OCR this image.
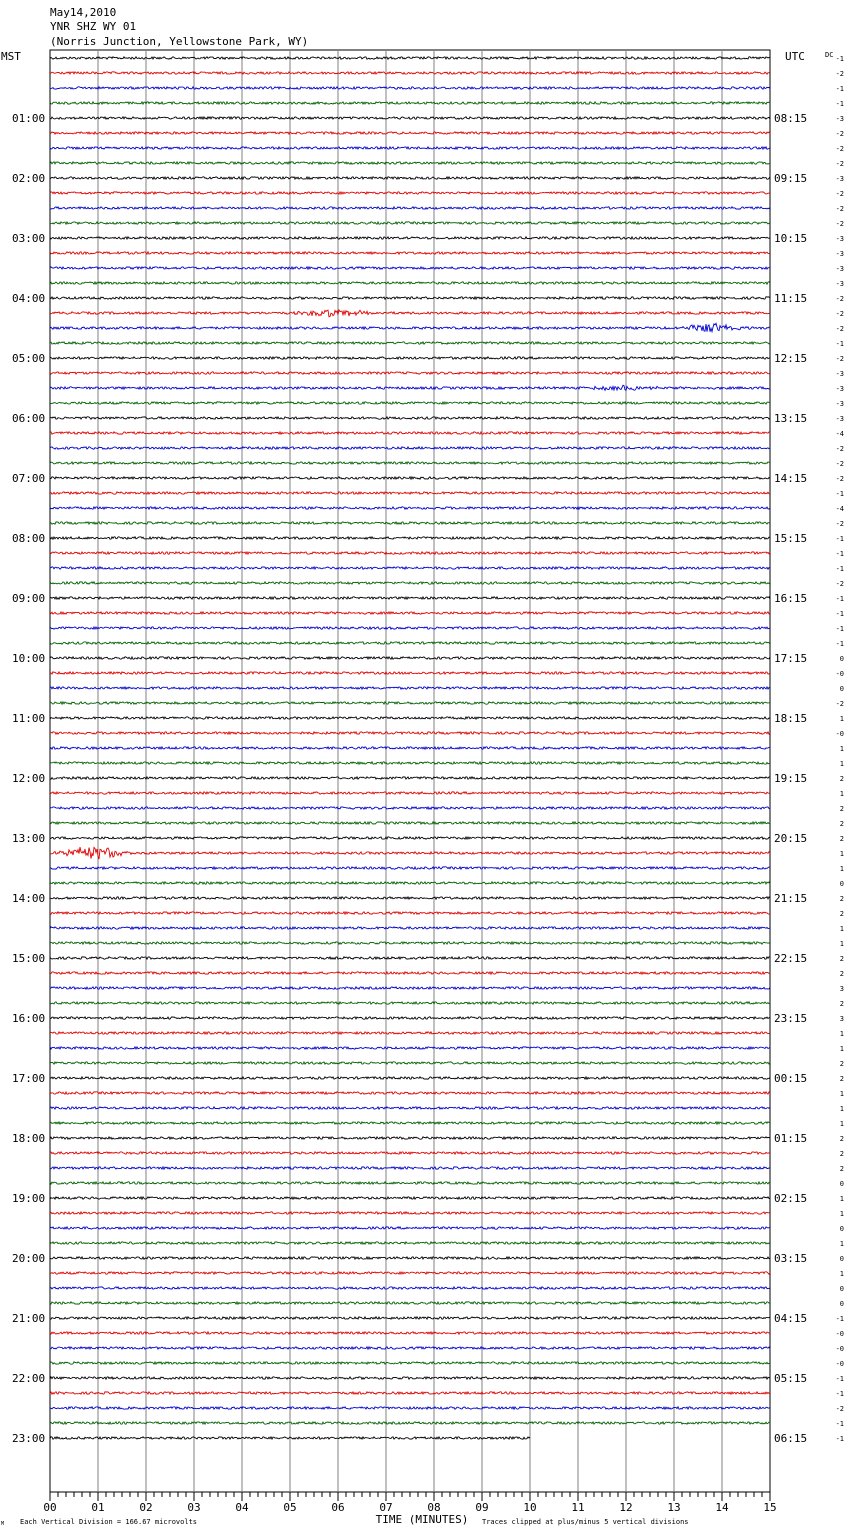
May14,2010
YNR SHZ WY 01
(Norris Junction, Yellowstone Park, WY)
MST	UTC	DC
01:00
02:00
03:00
04:00
05:00
06:00
07:00
08:00
09:00
10:00
11:00
12:00
13:00
14:00
15:00
16:00
17:00
18:00
19:00
20:00
21:00
22:00
23:00
08:15
09:15
10:15
11:15
12:15
13:15
14:15
15:15
16:15
17:15
18:15
19:15
20:15
21:15
22:15
23:15
00:15
01:15
02:15
03:15
04:15
05:15
06:15
-1
-2
-1
-1
-3
-2
-2
-2
-3
-2
-2
-2
-3
-3
-3
-3
-2
-2
-2
-1
-2
-3
-3
-3
-3
-4
-2
-2
-2
-1
-4
-2
-1
-1
-1
-2
-1
-1
-1
-1
0
-0
0
-2
1
-0
1
1
2
1
2
2
2
1
1
0
2
2
1
1
2
2
3
2
3
1
1
2
2
1
1
1
2
2
2
0
1
1
0
1
0
1
0
0
-1
-0
-0
-0
-1
-1
-2
-1
-1
00	01	02	03	04	05	06	07	08	09	10	11	12	13	14	15
TIME (MINUTES)
Each Vertical Division = 166.67 microvolts	Traces clipped at plus/minus 5 vertical divisions
M
